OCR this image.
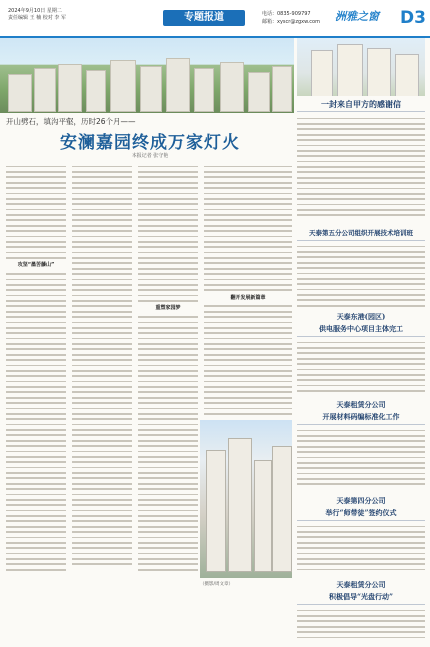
2024年9月10日 星期二
责任编辑 王 楠 校对 李 军	专题报道	电话：0835-909797
邮箱：xyscr@zgxw.com 洲雅之窗	D3
开山劈石，填沟平壑，历时26个月——
安澜嘉园终成万家灯火
本报记者 张守艳
攻坚“墨苦藤山”
重塑家园梦
翻开发展新篇章
（摄影/周文章）
一封来自甲方的感谢信
天泰第五分公司组织开展技术培训班
天泰东港(园区)
供电服务中心项目主体完工
天泰租赁分公司
开展材料码编标准化工作
天泰第四分公司
举行“师带徒”签约仪式
天泰租赁分公司
积极倡导“光盘行动”
